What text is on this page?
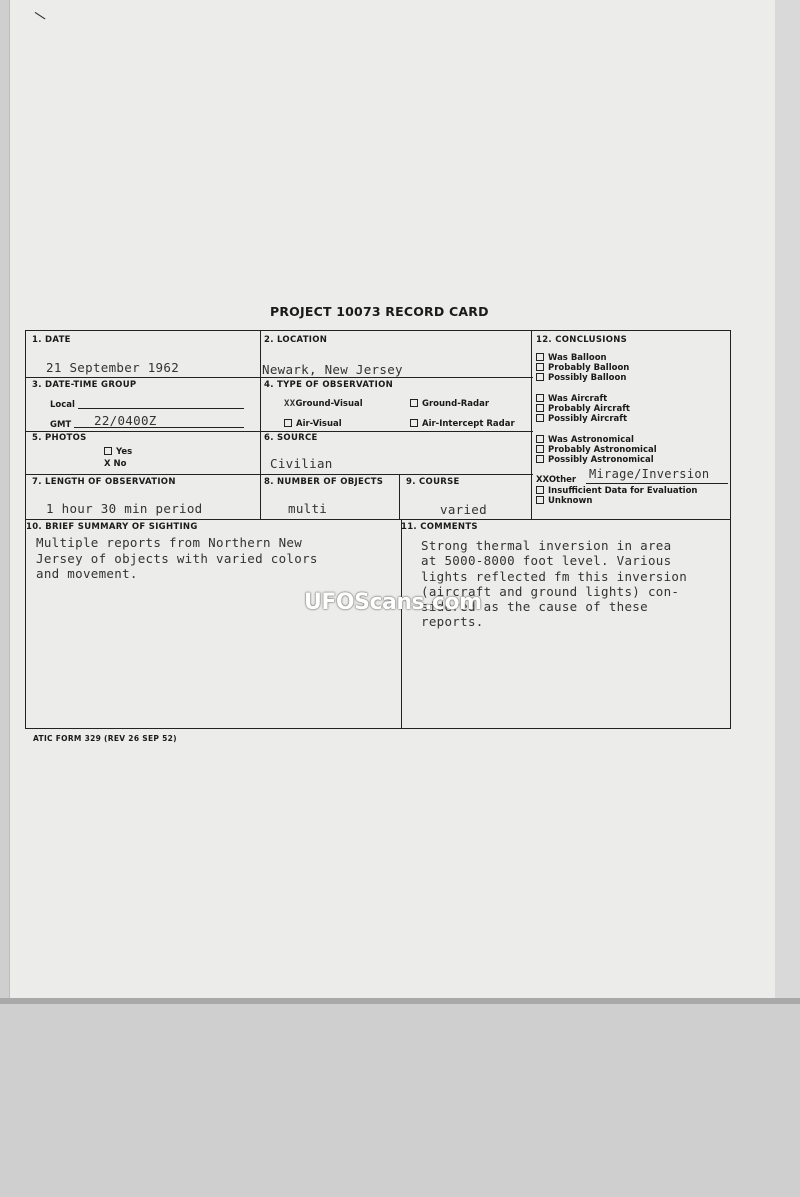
\
PROJECT 10073 RECORD CARD
1. DATE
21 September 1962
2. LOCATION
Newark, New Jersey
3. DATE-TIME GROUP
Local
GMT 22/0400Z
4. TYPE OF OBSERVATION
XXGround-Visual	Ground-Radar
Air-Visual	Air-Intercept Radar
5. PHOTOS
Yes
X No
6. SOURCE
Civilian
7. LENGTH OF OBSERVATION
1 hour 30 min period
8. NUMBER OF OBJECTS
multi
9. COURSE
varied
10. BRIEF SUMMARY OF SIGHTING
Multiple reports from Northern New
Jersey of objects with varied colors
and movement.
11. COMMENTS
Strong thermal inversion in area
at 5000-8000 foot level. Various
lights reflected fm this inversion
(aircraft and ground lights) con-
sidered as the cause of these
reports.
12. CONCLUSIONS
Was Balloon
Probably Balloon
Possibly Balloon
Was Aircraft
Probably Aircraft
Possibly Aircraft
Was Astronomical
Probably Astronomical
Possibly Astronomical
XXOther
Insufficient Data for Evaluation
Unknown
Mirage/Inversion
ATIC FORM 329 (REV 26 SEP 52)
UFOScans.com
